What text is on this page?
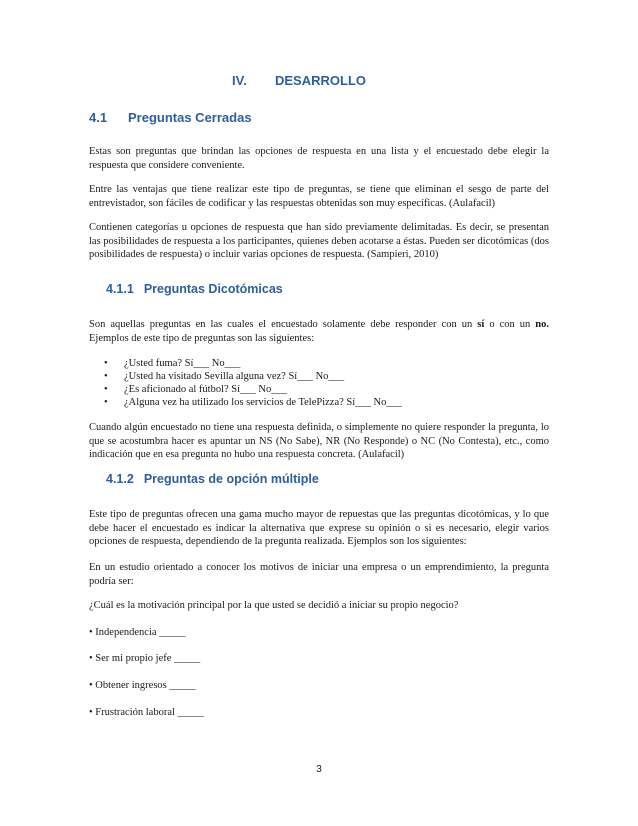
IV. DESARROLLO
4.1 Preguntas Cerradas

Estas son preguntas que brindan las opciones de respuesta en una lista y el encuestado debe elegir la respuesta que considere conveniente.

Entre las ventajas que tiene realizar este tipo de preguntas, se tiene que eliminan el sesgo de parte del entrevistador, son fáciles de codificar y las respuestas obtenidas son muy específicas. (Aulafacil)

Contienen categorías u opciones de respuesta que han sido previamente delimitadas. Es decir, se presentan las posibilidades de respuesta a los participantes, quienes deben acotarse a éstas. Pueden ser dicotómicas (dos posibilidades de respuesta) o incluir varias opciones de respuesta. (Sampieri, 2010)

4.1.1 Preguntas Dicotómicas

Son aquellas preguntas en las cuales el encuestado solamente debe responder con un sí o con un no. Ejemplos de este tipo de preguntas son las siguientes:

• ¿Usted fuma? Sí___ No___
• ¿Usted ha visitado Sevilla alguna vez? Sí___ No___
• ¿Es aficionado al fútbol? Sí___ No___
• ¿Alguna vez ha utilizado los servicios de TelePizza? Sí___ No___

Cuando algún encuestado no tiene una respuesta definida, o simplemente no quiere responder la pregunta, lo que se acostumbra hacer es apuntar un NS (No Sabe), NR (No Responde) o NC (No Contesta), etc., como indicación que en esa pregunta no hubo una respuesta concreta. (Aulafacil)

4.1.2 Preguntas de opción múltiple

Este tipo de preguntas ofrecen una gama mucho mayor de repuestas que las preguntas dicotómicas, y lo que debe hacer el encuestado es indicar la alternativa que exprese su opinión o si es necesario, elegir varios opciones de respuesta, dependiendo de la pregunta realizada. Ejemplos son los siguientes:

En un estudio orientado a conocer los motivos de iniciar una empresa o un emprendimiento, la pregunta podría ser:

¿Cuál es la motivación principal por la que usted se decidió a iniciar su propio negocio?
• Independencia _____
• Ser mi propio jefe _____
• Obtener ingresos _____
• Frustración laboral _____
3
